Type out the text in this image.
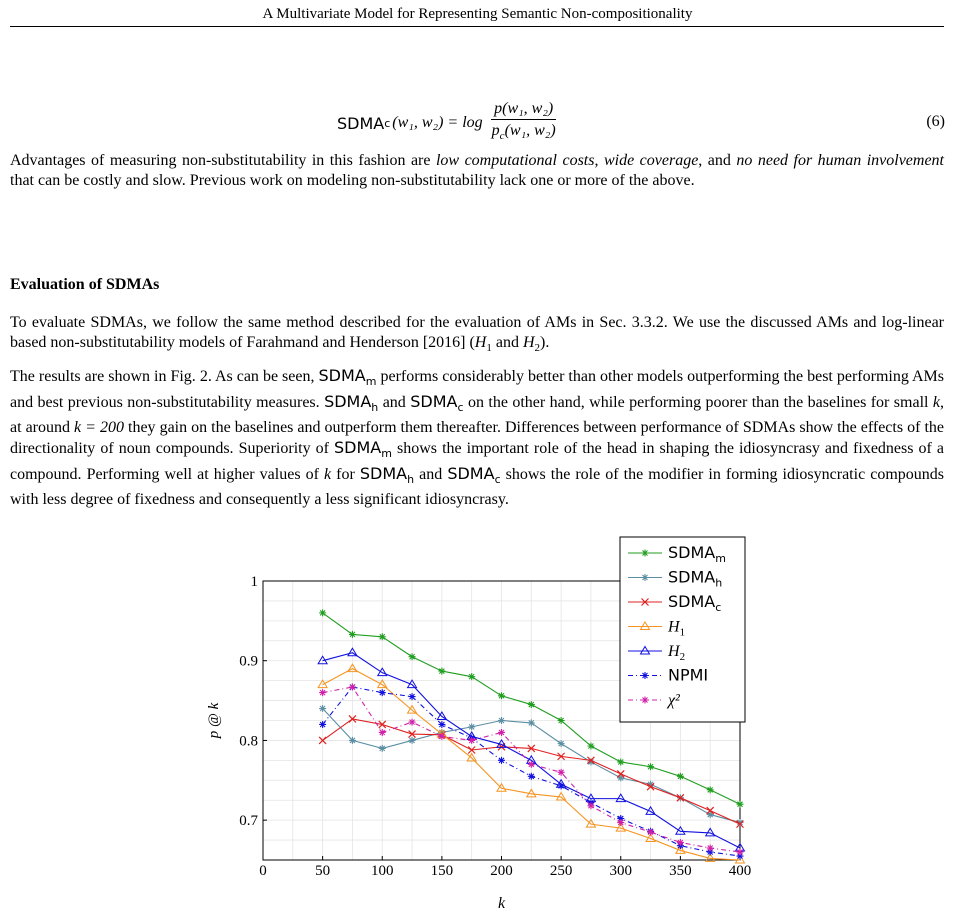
A Multivariate Model for Representing Semantic Non-compositionality
SDMA c (w₁, $w_2) = \log \frac{\text{p(w₁, w₂)}}{p_c(w_1, w_2)}$	(6)

Advantages of measuring non-substitutability in this fashion are low computational costs, wide coverage, and no need for human involvement that can be costly and slow. Previous work on modeling non-substitutability lack one or more of the above.

Evaluation of SDMAs

To evaluate SDMAs, we follow the same method described for the evaluation of AMs in Sec. 3.3.2. We use the discussed AMs and log-linear based non-substitutability models of Farahmand and Henderson [2016] ($H_1$ and $H_2$).

The results are shown in Fig. 2. As can be seen, $SDMA_m$ performs considerably better than other models outperforming the best performing AMs and best previous non-substitutability measures. $SDMA_h$ and $SDMA_c$ on the other hand, while performing poorer than the baselines for small k, at around k = 200 they gain on the baselines and outperform them thereafter. Differences between performance of SDMAs show the effects of the directionality of noun compounds. Superiority of $SDMA_m$ shows the important role of the head in shaping the idiosyncrasy and fixedness of a compound. Performing well at higher values of k for $SDMA_h$ and $SDMA_c$ shows the role of the modifier in forming idiosyncratic compounds with less degree of fixedness and consequently a less significant idiosyncrasy.

0	50	100 150 200 250 300 350 400
0.7
0.8
0.9
1
k
p @ k
$SDMA_m$
$SDMA_h$
$SDMA_c$
$H_1$
$H_2$
NPMI
χ²
